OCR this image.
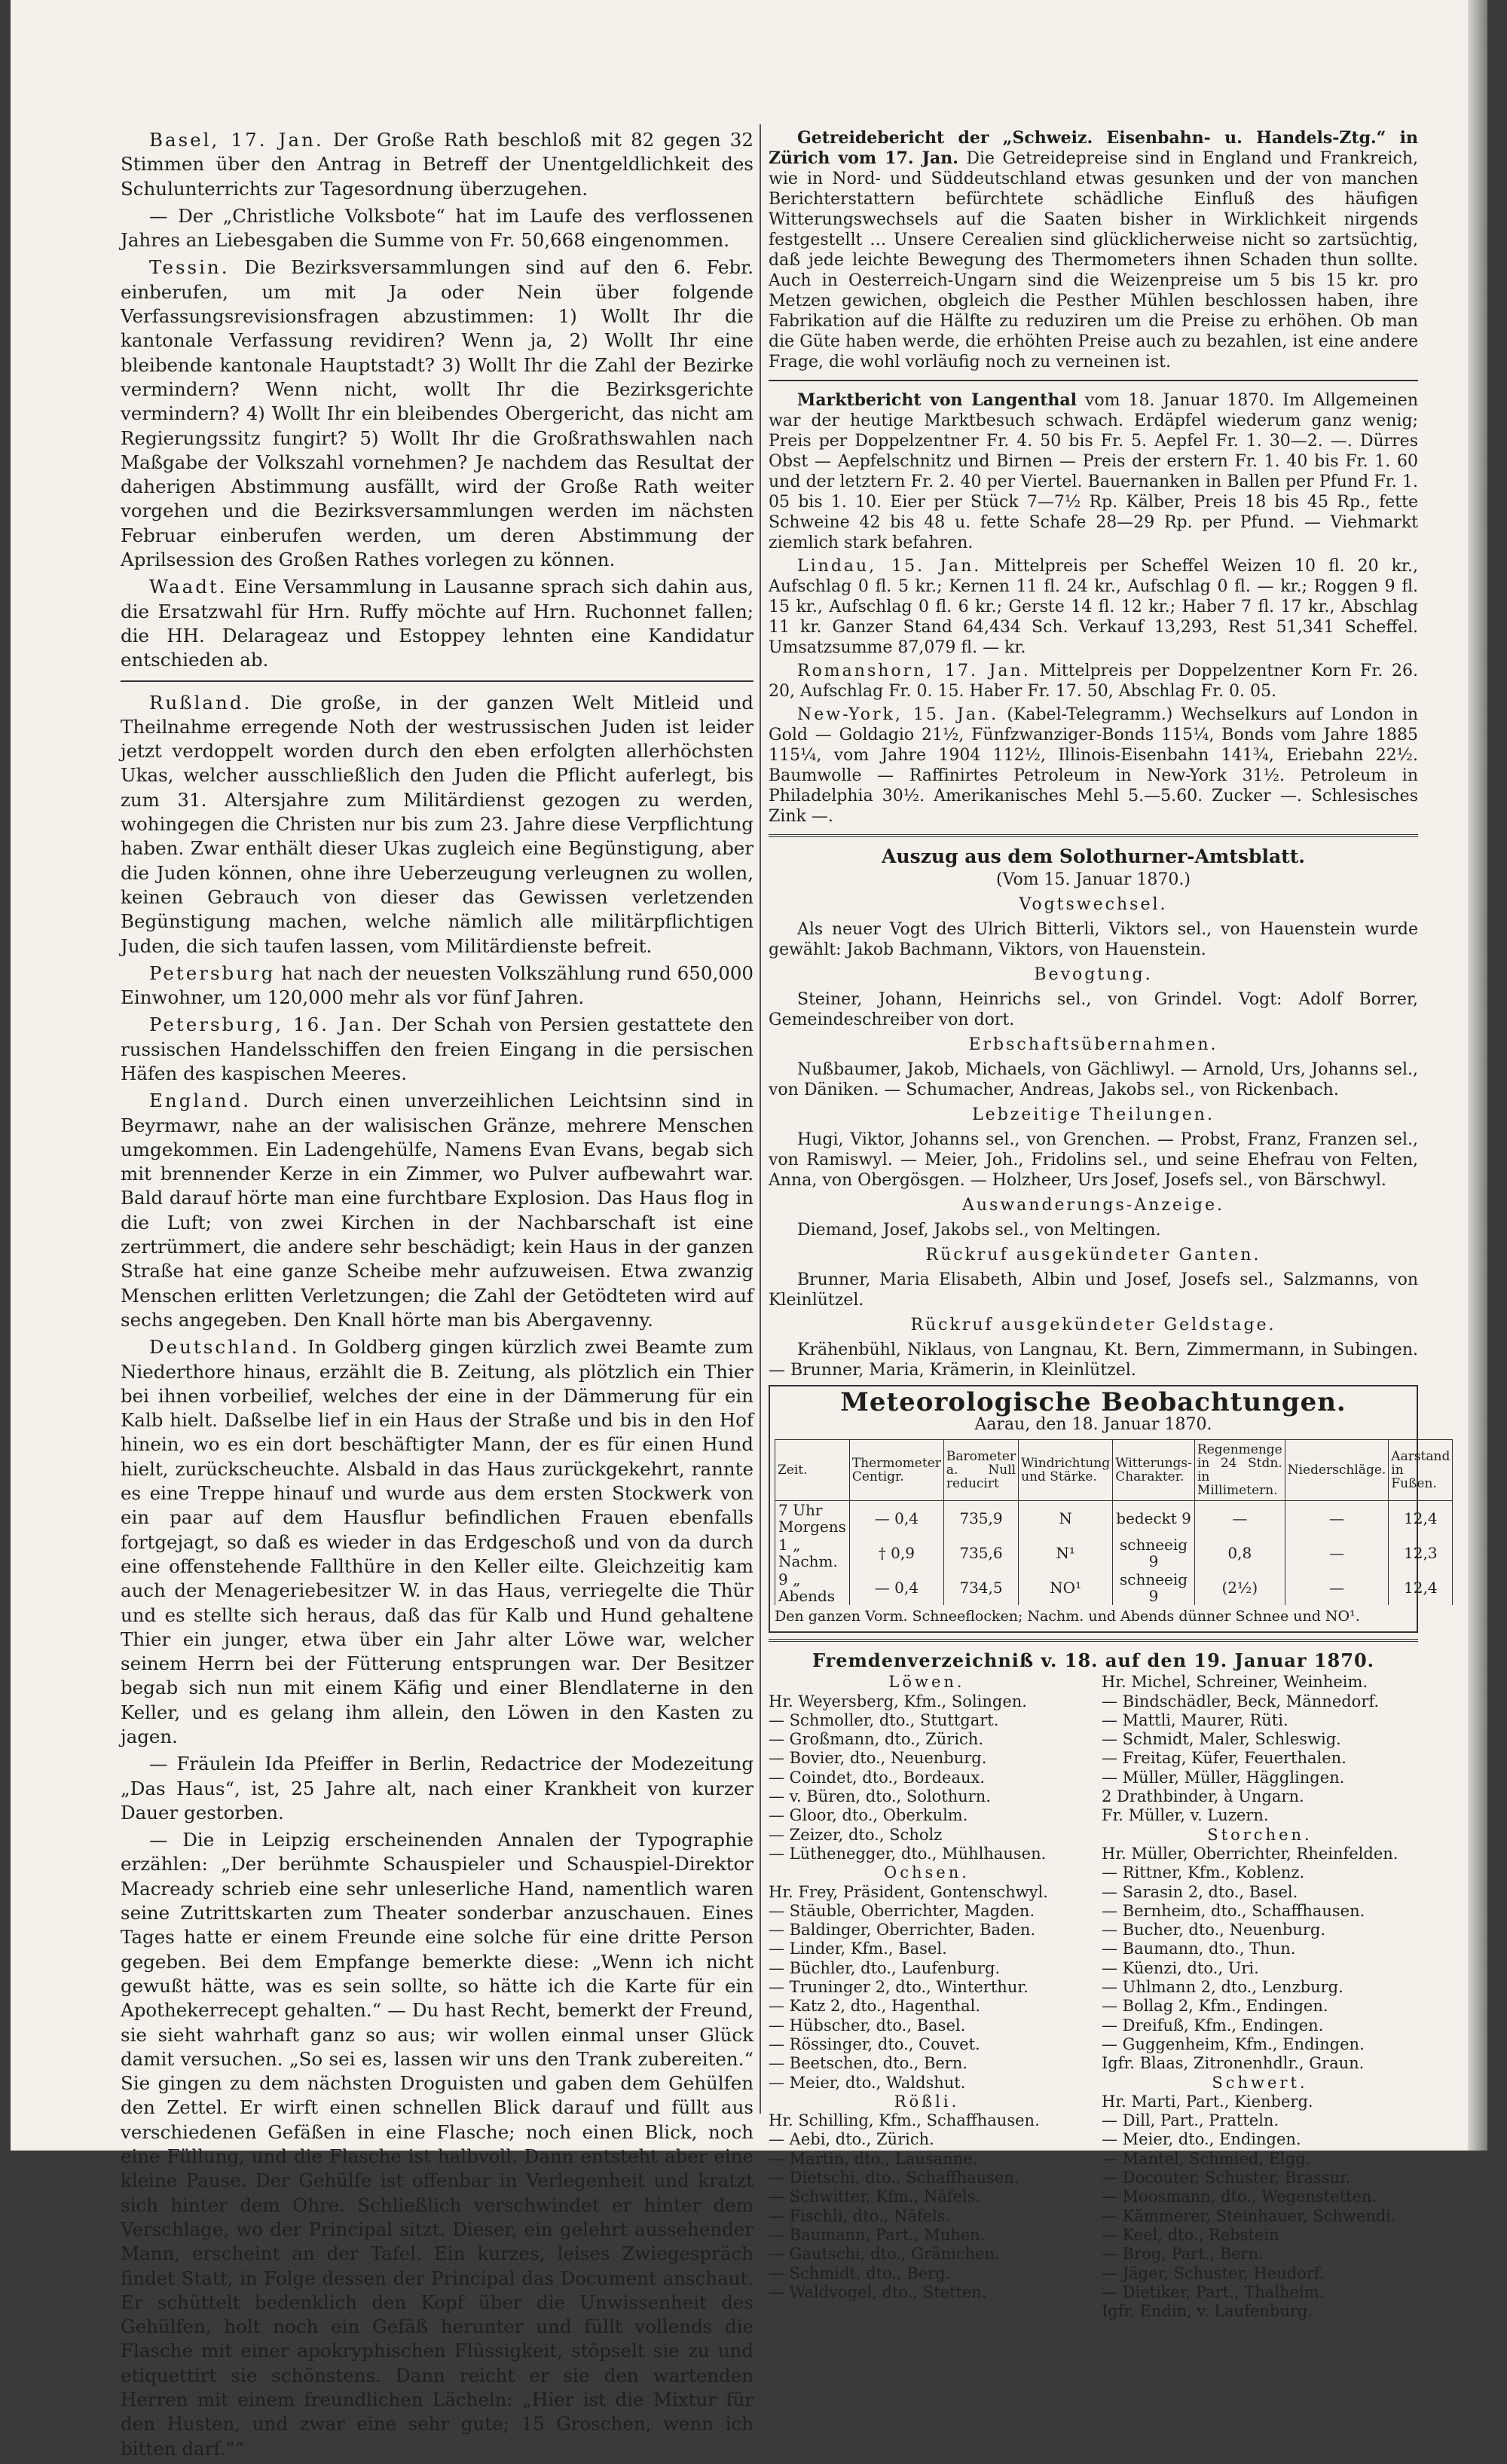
Basel, 17. Jan. Der Große Rath beschloß mit 82 gegen 32 Stimmen über den Antrag in Betreff der Unentgeldlichkeit des Schulunterrichts zur Tagesordnung überzugehen.

— Der „Christliche Volksbote“ hat im Laufe des verflossenen Jahres an Liebesgaben die Summe von Fr. 50,668 eingenommen.

Tessin. Die Bezirksversammlungen sind auf den 6. Febr. einberufen, um mit Ja oder Nein über folgende Verfassungsrevisionsfragen abzustimmen: 1) Wollt Ihr die kantonale Verfassung revidiren? Wenn ja, 2) Wollt Ihr eine bleibende kantonale Hauptstadt? 3) Wollt Ihr die Zahl der Bezirke vermindern? Wenn nicht, wollt Ihr die Bezirksgerichte vermindern? 4) Wollt Ihr ein bleibendes Obergericht, das nicht am Regierungssitz fungirt? 5) Wollt Ihr die Großrathswahlen nach Maßgabe der Volkszahl vornehmen? Je nachdem das Resultat der daherigen Abstimmung ausfällt, wird der Große Rath weiter vorgehen und die Bezirksversammlungen werden im nächsten Februar einberufen werden, um deren Abstimmung der Aprilsession des Großen Rathes vorlegen zu können.

Waadt. Eine Versammlung in Lausanne sprach sich dahin aus, die Ersatzwahl für Hrn. Ruffy möchte auf Hrn. Ruchonnet fallen; die HH. Delarageaz und Estoppey lehnten eine Kandidatur entschieden ab.

Rußland. Die große, in der ganzen Welt Mitleid und Theilnahme erregende Noth der westrussischen Juden ist leider jetzt verdoppelt worden durch den eben erfolgten allerhöchsten Ukas, welcher ausschließlich den Juden die Pflicht auferlegt, bis zum 31. Altersjahre zum Militärdienst gezogen zu werden, wohingegen die Christen nur bis zum 23. Jahre diese Verpflichtung haben. Zwar enthält dieser Ukas zugleich eine Begünstigung, aber die Juden können, ohne ihre Ueberzeugung verleugnen zu wollen, keinen Gebrauch von dieser das Gewissen verletzenden Begünstigung machen, welche nämlich alle militärpflichtigen Juden, die sich taufen lassen, vom Militärdienste befreit.

Petersburg hat nach der neuesten Volkszählung rund 650,000 Einwohner, um 120,000 mehr als vor fünf Jahren.

Petersburg, 16. Jan. Der Schah von Persien gestattete den russischen Handelsschiffen den freien Eingang in die persischen Häfen des kaspischen Meeres.

England. Durch einen unverzeihlichen Leichtsinn sind in Beyrmawr, nahe an der walisischen Gränze, mehrere Menschen umgekommen. Ein Ladengehülfe, Namens Evan Evans, begab sich mit brennender Kerze in ein Zimmer, wo Pulver aufbewahrt war. Bald darauf hörte man eine furchtbare Explosion. Das Haus flog in die Luft; von zwei Kirchen in der Nachbarschaft ist eine zertrümmert, die andere sehr beschädigt; kein Haus in der ganzen Straße hat eine ganze Scheibe mehr aufzuweisen. Etwa zwanzig Menschen erlitten Verletzungen; die Zahl der Getödteten wird auf sechs angegeben. Den Knall hörte man bis Abergavenny.

Deutschland. In Goldberg gingen kürzlich zwei Beamte zum Niederthore hinaus, erzählt die B. Zeitung, als plötzlich ein Thier bei ihnen vorbeilief, welches der eine in der Dämmerung für ein Kalb hielt. Daßselbe lief in ein Haus der Straße und bis in den Hof hinein, wo es ein dort beschäftigter Mann, der es für einen Hund hielt, zurückscheuchte. Alsbald in das Haus zurückgekehrt, rannte es eine Treppe hinauf und wurde aus dem ersten Stockwerk von ein paar auf dem Hausflur befindlichen Frauen ebenfalls fortgejagt, so daß es wieder in das Erdgeschoß und von da durch eine offenstehende Fallthüre in den Keller eilte. Gleichzeitig kam auch der Menageriebesitzer W. in das Haus, verriegelte die Thür und es stellte sich heraus, daß das für Kalb und Hund gehaltene Thier ein junger, etwa über ein Jahr alter Löwe war, welcher seinem Herrn bei der Fütterung entsprungen war. Der Besitzer begab sich nun mit einem Käfig und einer Blendlaterne in den Keller, und es gelang ihm allein, den Löwen in den Kasten zu jagen.

— Fräulein Ida Pfeiffer in Berlin, Redactrice der Modezeitung „Das Haus“, ist, 25 Jahre alt, nach einer Krankheit von kurzer Dauer gestorben.

— Die in Leipzig erscheinenden Annalen der Typographie erzählen: „Der berühmte Schauspieler und Schauspiel-Direktor Macready schrieb eine sehr unleserliche Hand, namentlich waren seine Zutrittskarten zum Theater sonderbar anzuschauen. Eines Tages hatte er einem Freunde eine solche für eine dritte Person gegeben. Bei dem Empfange bemerkte diese: „Wenn ich nicht gewußt hätte, was es sein sollte, so hätte ich die Karte für ein Apothekerrecept gehalten.“ — Du hast Recht, bemerkt der Freund, sie sieht wahrhaft ganz so aus; wir wollen einmal unser Glück damit versuchen. „So sei es, lassen wir uns den Trank zubereiten.“ Sie gingen zu dem nächsten Droguisten und gaben dem Gehülfen den Zettel. Er wirft einen schnellen Blick darauf und füllt aus verschiedenen Gefäßen in eine Flasche; noch einen Blick, noch eine Füllung, und die Flasche ist halbvoll. Dann entsteht aber eine kleine Pause. Der Gehülfe ist offenbar in Verlegenheit und kratzt sich hinter dem Ohre. Schließlich verschwindet er hinter dem Verschlage, wo der Principal sitzt. Dieser, ein gelehrt aussehender Mann, erscheint an der Tafel. Ein kurzes, leises Zwiegespräch findet Statt, in Folge dessen der Principal das Document anschaut. Er schüttelt bedenklich den Kopf über die Unwissenheit des Gehülfen, holt noch ein Gefäß herunter und füllt vollends die Flasche mit einer apokryphischen Flüssigkeit, stöpselt sie zu und etiquettirt sie schönstens. Dann reicht er sie den wartenden Herren mit einem freundlichen Lächeln: „Hier ist die Mixtur für den Husten, und zwar eine sehr gute; 15 Groschen, wenn ich bitten darf.““

Getreidebericht der „Schweiz. Eisenbahn- u. Handels-Ztg.“ in Zürich vom 17. Jan. Die Getreidepreise sind in England und Frankreich, wie in Nord- und Süddeutschland etwas gesunken und der von manchen Berichterstattern befürchtete schädliche Einfluß des häufigen Witterungswechsels auf die Saaten bisher in Wirklichkeit nirgends festgestellt … Unsere Cerealien sind glücklicherweise nicht so zartsüchtig, daß jede leichte Bewegung des Thermometers ihnen Schaden thun sollte. Auch in Oesterreich-Ungarn sind die Weizenpreise um 5 bis 15 kr. pro Metzen gewichen, obgleich die Pesther Mühlen beschlossen haben, ihre Fabrikation auf die Hälfte zu reduziren um die Preise zu erhöhen. Ob man die Güte haben werde, die erhöhten Preise auch zu bezahlen, ist eine andere Frage, die wohl vorläufig noch zu verneinen ist.

Marktbericht von Langenthal vom 18. Januar 1870. Im Allgemeinen war der heutige Marktbesuch schwach. Erdäpfel wiederum ganz wenig; Preis per Doppelzentner Fr. 4. 50 bis Fr. 5. Aepfel Fr. 1. 30—2. —. Dürres Obst — Aepfelschnitz und Birnen — Preis der erstern Fr. 1. 40 bis Fr. 1. 60 und der letztern Fr. 2. 40 per Viertel. Bauernanken in Ballen per Pfund Fr. 1. 05 bis 1. 10. Eier per Stück 7—7½ Rp. Kälber, Preis 18 bis 45 Rp., fette Schweine 42 bis 48 u. fette Schafe 28—29 Rp. per Pfund. — Viehmarkt ziemlich stark befahren.

Lindau, 15. Jan. Mittelpreis per Scheffel Weizen 10 fl. 20 kr., Aufschlag 0 fl. 5 kr.; Kernen 11 fl. 24 kr., Aufschlag 0 fl. — kr.; Roggen 9 fl. 15 kr., Aufschlag 0 fl. 6 kr.; Gerste 14 fl. 12 kr.; Haber 7 fl. 17 kr., Abschlag 11 kr. Ganzer Stand 64,434 Sch. Verkauf 13,293, Rest 51,341 Scheffel. Umsatzsumme 87,079 fl. — kr.

Romanshorn, 17. Jan. Mittelpreis per Doppelzentner Korn Fr. 26. 20, Aufschlag Fr. 0. 15. Haber Fr. 17. 50, Abschlag Fr. 0. 05.

New-York, 15. Jan. (Kabel-Telegramm.) Wechselkurs auf London in Gold — Goldagio 21½, Fünfzwanziger-Bonds 115¼, Bonds vom Jahre 1885 115¼, vom Jahre 1904 112½, Illinois-Eisenbahn 141¾, Eriebahn 22½. Baumwolle — Raffinirtes Petroleum in New-York 31½. Petroleum in Philadelphia 30½. Amerikanisches Mehl 5.—5.60. Zucker —. Schlesisches Zink —.

Auszug aus dem Solothurner-Amtsblatt.

(Vom 15. Januar 1870.)

Vogtswechsel.

Als neuer Vogt des Ulrich Bitterli, Viktors sel., von Hauenstein wurde gewählt: Jakob Bachmann, Viktors, von Hauenstein.

Bevogtung.

Steiner, Johann, Heinrichs sel., von Grindel. Vogt: Adolf Borrer, Gemeindeschreiber von dort.

Erbschaftsübernahmen.

Nußbaumer, Jakob, Michaels, von Gächliwyl. — Arnold, Urs, Johanns sel., von Däniken. — Schumacher, Andreas, Jakobs sel., von Rickenbach.

Lebzeitige Theilungen.

Hugi, Viktor, Johanns sel., von Grenchen. — Probst, Franz, Franzen sel., von Ramiswyl. — Meier, Joh., Fridolins sel., und seine Ehefrau von Felten, Anna, von Obergösgen. — Holzheer, Urs Josef, Josefs sel., von Bärschwyl.

Auswanderungs-Anzeige.

Diemand, Josef, Jakobs sel., von Meltingen.

Rückruf ausgekündeter Ganten.

Brunner, Maria Elisabeth, Albin und Josef, Josefs sel., Salzmanns, von Kleinlützel.

Rückruf ausgekündeter Geldstage.

Krähenbühl, Niklaus, von Langnau, Kt. Bern, Zimmermann, in Subingen. — Brunner, Maria, Krämerin, in Kleinlützel.

Meteorologische Beobachtungen.
Aarau, den 18. Januar 1870.
Zeit.	Thermometer Centigr.	Barometer a. Null reducirt	Windrichtung und Stärke.	Witterungs-Charakter.	Regenmenge in 24 Stdn. in Millimetern.	Niederschläge.	Aarstand in Fußen.
7 Uhr Morgens	— 0,4	735,9	N	bedeckt 9	—	—	12,4
1 „ Nachm.	† 0,9	735,6	N¹	schneeig 9	0,8	—	12,3
9 „ Abends	— 0,4	734,5	NO¹	schneeig 9	(2½)	—	12,4
Den ganzen Vorm. Schneeflocken; Nachm. und Abends dünner Schnee und NO¹.
Fremdenverzeichniß v. 18. auf den 19. Januar 1870.
Löwen.
Hr. Weyersberg, Kfm., Solingen.
— Schmoller, dto., Stuttgart.
— Großmann, dto., Zürich.
— Bovier, dto., Neuenburg.
— Coindet, dto., Bordeaux.
— v. Büren, dto., Solothurn.
— Gloor, dto., Oberkulm.
— Zeizer, dto., Scholz
— Lüthenegger, dto., Mühlhausen.
Ochsen.
Hr. Frey, Präsident, Gontenschwyl.
— Stäuble, Oberrichter, Magden.
— Baldinger, Oberrichter, Baden.
— Linder, Kfm., Basel.
— Büchler, dto., Laufenburg.
— Truninger 2, dto., Winterthur.
— Katz 2, dto., Hagenthal.
— Hübscher, dto., Basel.
— Rössinger, dto., Couvet.
— Beetschen, dto., Bern.
— Meier, dto., Waldshut.
Rößli.
Hr. Schilling, Kfm., Schaffhausen.
— Aebi, dto., Zürich.
— Martin, dto., Lausanne.
— Dietschi, dto., Schaffhausen.
— Schwitter, Kfm., Näfels.
— Fischli, dto., Näfels.
— Baumann, Part., Muhen.
— Gautschi, dto., Gränichen.
— Schmidt, dto., Berg.
— Waldvogel, dto., Stetten.
Hr. Michel, Schreiner, Weinheim.
— Bindschädler, Beck, Männedorf.
— Mattli, Maurer, Rüti.
— Schmidt, Maler, Schleswig.
— Freitag, Küfer, Feuerthalen.
— Müller, Müller, Hägglingen.
2 Drathbinder, à Ungarn.
Fr. Müller, v. Luzern.
Storchen.
Hr. Müller, Oberrichter, Rheinfelden.
— Rittner, Kfm., Koblenz.
— Sarasin 2, dto., Basel.
— Bernheim, dto., Schaffhausen.
— Bucher, dto., Neuenburg.
— Baumann, dto., Thun.
— Küenzi, dto., Uri.
— Uhlmann 2, dto., Lenzburg.
— Bollag 2, Kfm., Endingen.
— Dreifuß, Kfm., Endingen.
— Guggenheim, Kfm., Endingen.
Igfr. Blaas, Zitronenhdlr., Graun.
Schwert.
Hr. Marti, Part., Kienberg.
— Dill, Part., Pratteln.
— Meier, dto., Endingen.
— Mantel, Schmied, Elgg.
— Docouter, Schuster, Brassur.
— Moosmann, dto., Wegenstetten.
— Kämmerer, Steinhauer, Schwendi.
— Keel, dto., Rebstein
— Brog, Part., Bern.
— Jäger, Schuster, Heudorf.
— Dietiker, Part., Thalheim.
Igfr. Endin, v. Laufenburg.
